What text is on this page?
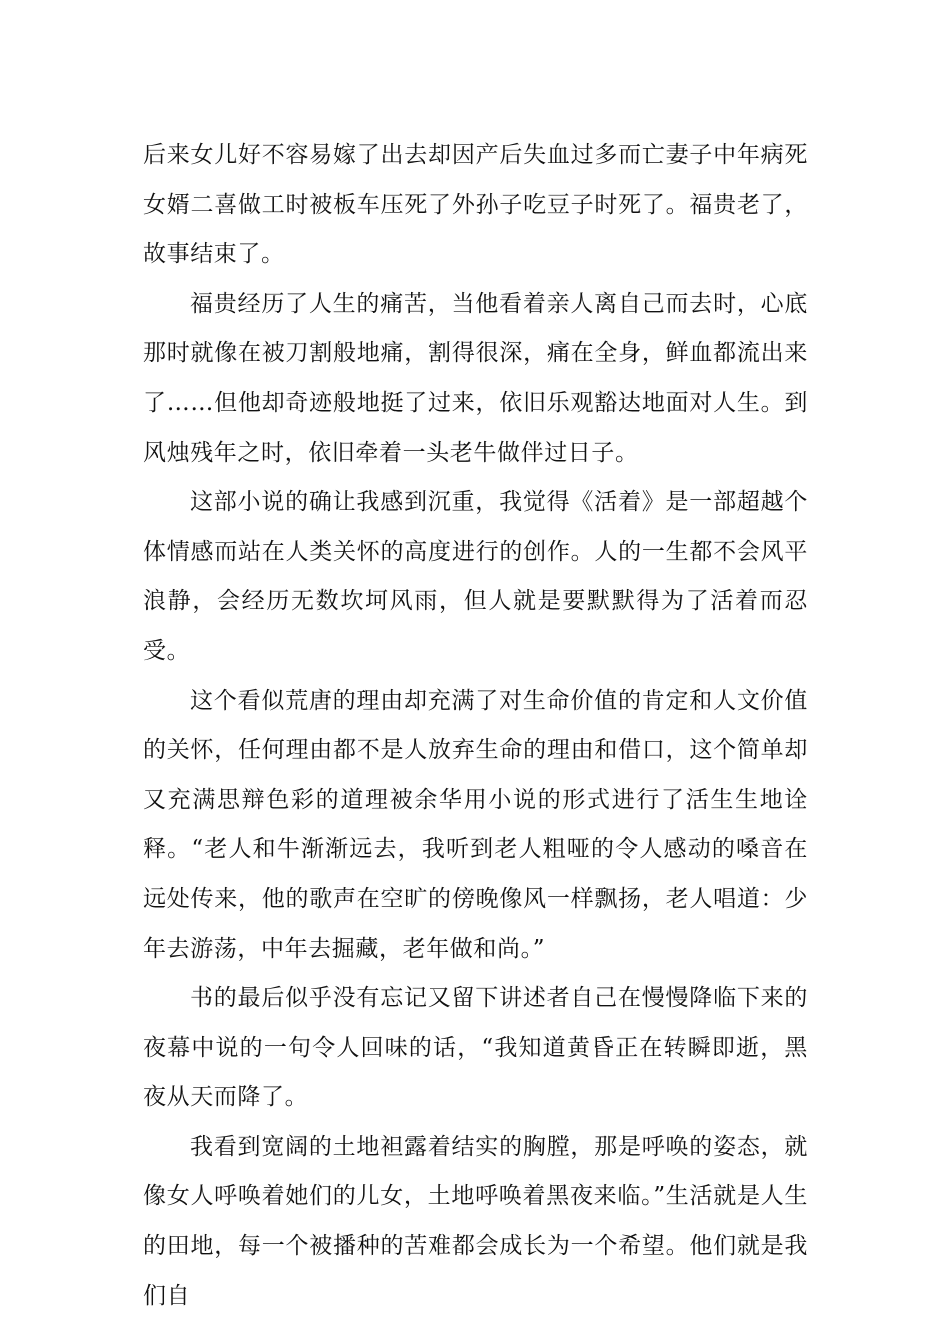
后来女儿好不容易嫁了出去却因产后失血过多而亡妻子中年病死女婿二喜做工时被板车压死了外孙子吃豆子时死了。福贵老了，故事结束了。

福贵经历了人生的痛苦，当他看着亲人离自己而去时，心底那时就像在被刀割般地痛，割得很深，痛在全身，鲜血都流出来了……但他却奇迹般地挺了过来，依旧乐观豁达地面对人生。到风烛残年之时，依旧牵着一头老牛做伴过日子。

这部小说的确让我感到沉重，我觉得《活着》是一部超越个体情感而站在人类关怀的高度进行的创作。人的一生都不会风平浪静，会经历无数坎坷风雨，但人就是要默默得为了活着而忍受。

这个看似荒唐的理由却充满了对生命价值的肯定和人文价值的关怀，任何理由都不是人放弃生命的理由和借口，这个简单却又充满思辩色彩的道理被余华用小说的形式进行了活生生地诠释。“老人和牛渐渐远去，我听到老人粗哑的令人感动的嗓音在远处传来，他的歌声在空旷的傍晚像风一样飘扬，老人唱道：少年去游荡，中年去掘藏，老年做和尚。”

书的最后似乎没有忘记又留下讲述者自己在慢慢降临下来的夜幕中说的一句令人回味的话，“我知道黄昏正在转瞬即逝，黑夜从天而降了。

我看到宽阔的土地袒露着结实的胸膛，那是呼唤的姿态，就像女人呼唤着她们的儿女，土地呼唤着黑夜来临。”生活就是人生的田地，每一个被播种的苦难都会成长为一个希望。他们就是我们自
